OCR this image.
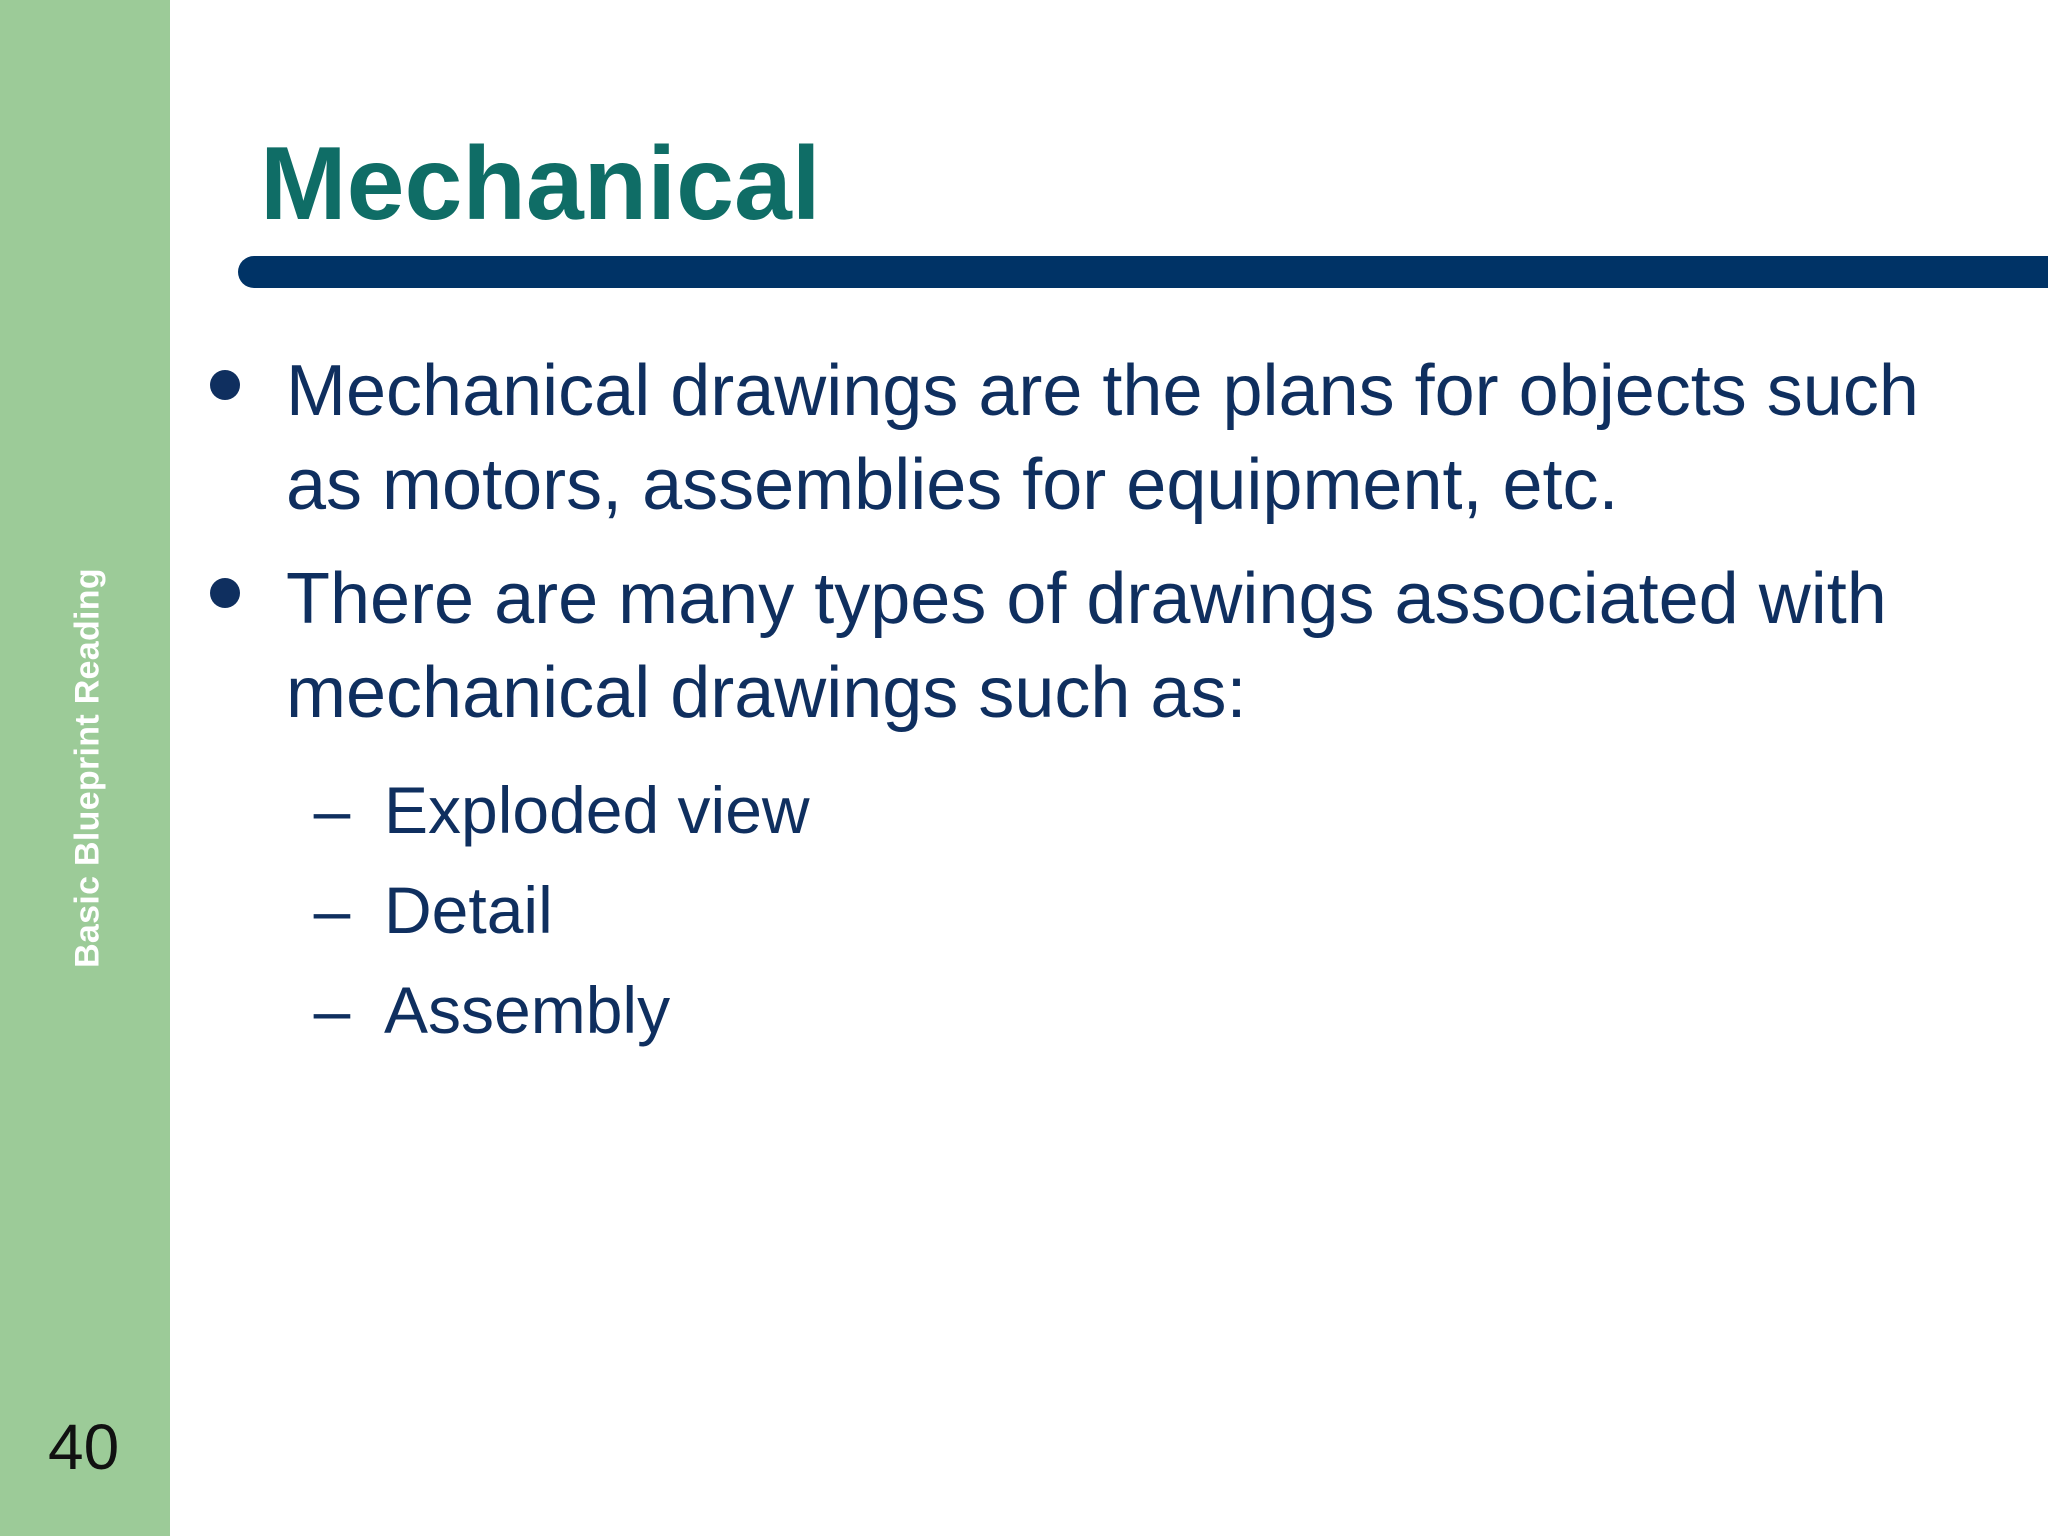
Basic Blueprint Reading
40
Mechanical
Mechanical drawings are the plans for objects such as motors, assemblies for equipment, etc.
There are many types of drawings associated with mechanical drawings such as:
– Exploded view
– Detail
– Assembly
